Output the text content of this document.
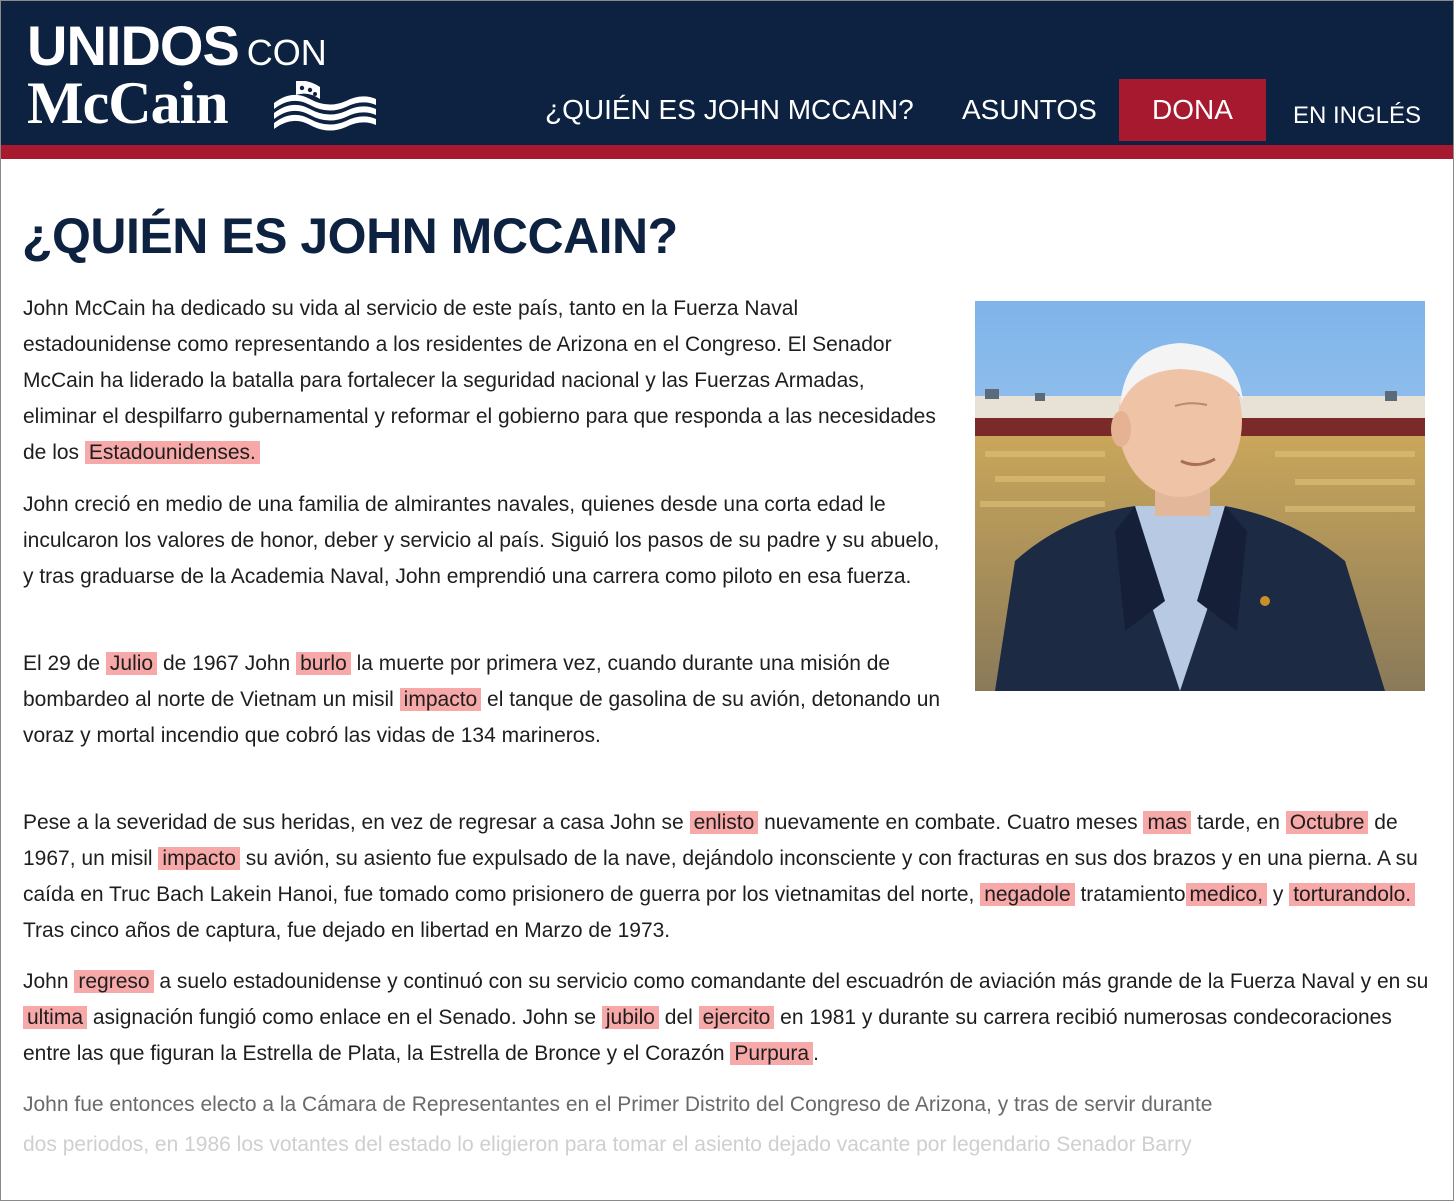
UNIDOS CON
McCain	¿QUIÉN ES JOHN MCCAIN? ASUNTOS	DONA	EN INGLÉS
¿QUIÉN ES JOHN MCCAIN?

John McCain ha dedicado su vida al servicio de este país, tanto en la Fuerza Naval estadounidense como representando a los residentes de Arizona en el Congreso. El Senador McCain ha liderado la batalla para fortalecer la seguridad nacional y las Fuerzas Armadas, eliminar el despilfarro gubernamental y reformar el gobierno para que responda a las necesidades de los Estadounidenses.

John creció en medio de una familia de almirantes navales, quienes desde una corta edad le inculcaron los valores de honor, deber y servicio al país. Siguió los pasos de su padre y su abuelo, y tras graduarse de la Academia Naval, John emprendió una carrera como piloto en esa fuerza.

El 29 de Julio de 1967 John burlo la muerte por primera vez, cuando durante una misión de bombardeo al norte de Vietnam un misil impacto el tanque de gasolina de su avión, detonando un voraz y mortal incendio que cobró las vidas de 134 marineros.

Pese a la severidad de sus heridas, en vez de regresar a casa John se enlisto nuevamente en combate. Cuatro meses mas tarde, en Octubre de 1967, un misil impacto su avión, su asiento fue expulsado de la nave, dejándolo inconsciente y con fracturas en sus dos brazos y en una pierna. A su caída en Truc Bach Lakein Hanoi, fue tomado como prisionero de guerra por los vietnamitas del norte, negadole tratamiento medico, y torturandolo. Tras cinco años de captura, fue dejado en libertad en Marzo de 1973.

John regreso a suelo estadounidense y continuó con su servicio como comandante del escuadrón de aviación más grande de la Fuerza Naval y en su ultima asignación fungió como enlace en el Senado. John se jubilo del ejercito en 1981 y durante su carrera recibió numerosas condecoraciones entre las que figuran la Estrella de Plata, la Estrella de Bronce y el Corazón Purpura .

John fue entonces electo a la Cámara de Representantes en el Primer Distrito del Congreso de Arizona, y tras de servir durante

dos periodos, en 1986 los votantes del estado lo eligieron para tomar el asiento dejado vacante por legendario Senador Barry
